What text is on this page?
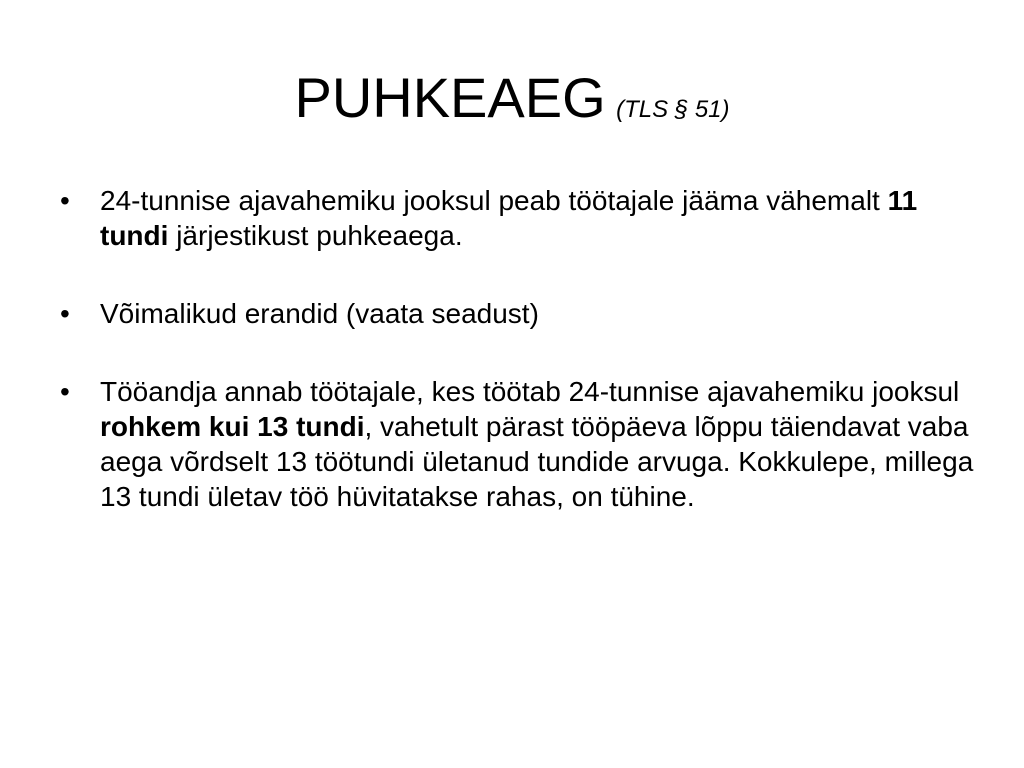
PUHKEAEG (TLS § 51)
•	24-tunnise ajavahemiku jooksul peab töötajale jääma vähemalt 11 tundi järjestikust puhkeaega.
•	Võimalikud erandid (vaata seadust)
•	Tööandja annab töötajale, kes töötab 24-tunnise ajavahemiku jooksul rohkem kui 13 tundi, vahetult pärast tööpäeva lõppu täiendavat vaba aega võrdselt 13 töötundi ületanud tundide arvuga. Kokkulepe, millega 13 tundi ületav töö hüvitatakse rahas, on tühine.
